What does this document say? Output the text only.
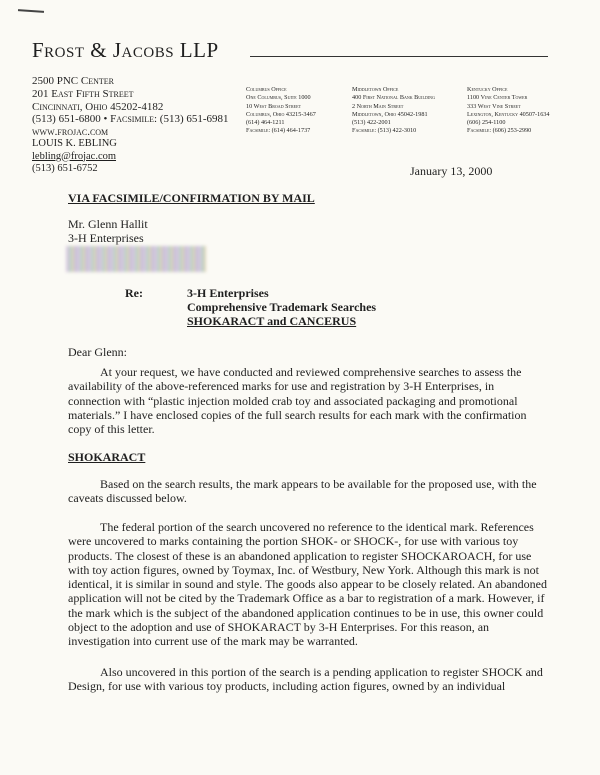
Frost & Jacobs LLP
2500 PNC Center
201 East Fifth Street
Cincinnati, Ohio 45202-4182
(513) 651-6800 • Facsimile: (513) 651-6981
www.frojac.com
Columbus Office
One Columbus, Suite 1000
10 West Broad Street
Columbus, Ohio 43215-3467
(614) 464-1211
Facsimile: (614) 464-1737
Middletown Office
400 First National Bank Building
2 North Main Street
Middletown, Ohio 45042-1981
(513) 422-2001
Facsimile: (513) 422-3010
Kentucky Office
1100 Vine Center Tower
333 West Vine Street
Lexington, Kentucky 40507-1634
(606) 254-1100
Facsimile: (606) 253-2990
LOUIS K. EBLING
lebling@frojac.com
(513) 651-6752	January 13, 2000
VIA FACSIMILE/CONFIRMATION BY MAIL
Mr. Glenn Hallit
3-H Enterprises
Re:	3-H Enterprises
Comprehensive Trademark Searches
SHOKARACT and CANCERUS
Dear Glenn:
At your request, we have conducted and reviewed comprehensive searches to assess the availability of the above-referenced marks for use and registration by 3-H Enterprises, in connection with “plastic injection molded crab toy and associated packaging and promotional materials.” I have enclosed copies of the full search results for each mark with the confirmation copy of this letter.
SHOKARACT
Based on the search results, the mark appears to be available for the proposed use, with the caveats discussed below.
The federal portion of the search uncovered no reference to the identical mark. References were uncovered to marks containing the portion SHOK- or SHOCK-, for use with various toy products. The closest of these is an abandoned application to register SHOCKAROACH, for use with toy action figures, owned by Toymax, Inc. of Westbury, New York. Although this mark is not identical, it is similar in sound and style. The goods also appear to be closely related. An abandoned application will not be cited by the Trademark Office as a bar to registration of a mark. However, if the mark which is the subject of the abandoned application continues to be in use, this owner could object to the adoption and use of SHOKARACT by 3-H Enterprises. For this reason, an investigation into current use of the mark may be warranted.
Also uncovered in this portion of the search is a pending application to register SHOCK and Design, for use with various toy products, including action figures, owned by an individual
